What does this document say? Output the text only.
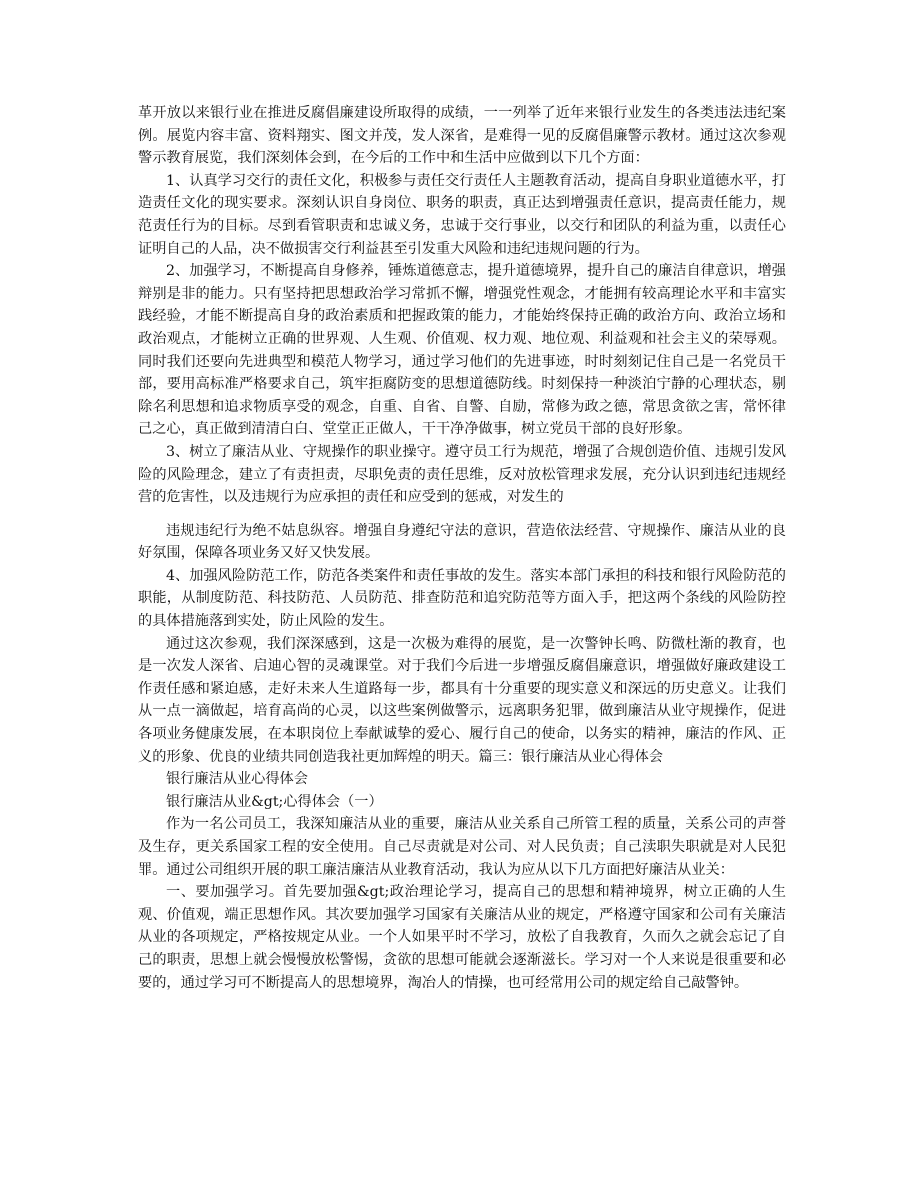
革开放以来银行业在推进反腐倡廉建设所取得的成绩，一一列举了近年来银行业发生的各类违法违纪案例。展览内容丰富、资料翔实、图文并茂，发人深省，是难得一见的反腐倡廉警示教材。通过这次参观警示教育展览，我们深刻体会到，在今后的工作中和生活中应做到以下几个方面：

1、认真学习交行的责任文化，积极参与责任交行责任人主题教育活动，提高自身职业道德水平，打造责任文化的现实要求。深刻认识自身岗位、职务的职责，真正达到增强责任意识，提高责任能力，规范责任行为的目标。尽到看管职责和忠诚义务，忠诚于交行事业，以交行和团队的利益为重，以责任心证明自己的人品，决不做损害交行利益甚至引发重大风险和违纪违规问题的行为。

2、加强学习，不断提高自身修养，锤炼道德意志，提升道德境界，提升自己的廉洁自律意识，增强辩别是非的能力。只有坚持把思想政治学习常抓不懈，增强党性观念，才能拥有较高理论水平和丰富实践经验，才能不断提高自身的政治素质和把握政策的能力，才能始终保持正确的政治方向、政治立场和政治观点，才能树立正确的世界观、人生观、价值观、权力观、地位观、利益观和社会主义的荣辱观。同时我们还要向先进典型和模范人物学习，通过学习他们的先进事迹，时时刻刻记住自己是一名党员干部，要用高标准严格要求自己，筑牢拒腐防变的思想道德防线。时刻保持一种淡泊宁静的心理状态，剔除名利思想和追求物质享受的观念，自重、自省、自警、自励，常修为政之德，常思贪欲之害，常怀律己之心，真正做到清清白白、堂堂正正做人，干干净净做事，树立党员干部的良好形象。

3、树立了廉洁从业、守规操作的职业操守。遵守员工行为规范，增强了合规创造价值、违规引发风险的风险理念，建立了有责担责，尽职免责的责任思维，反对放松管理求发展，充分认识到违纪违规经营的危害性，以及违规行为应承担的责任和应受到的惩戒，对发生的

违规违纪行为绝不姑息纵容。增强自身遵纪守法的意识，营造依法经营、守规操作、廉洁从业的良好氛围，保障各项业务又好又快发展。

4、加强风险防范工作，防范各类案件和责任事故的发生。落实本部门承担的科技和银行风险防范的职能，从制度防范、科技防范、人员防范、排查防范和追究防范等方面入手，把这两个条线的风险防控的具体措施落到实处，防止风险的发生。

通过这次参观，我们深深感到，这是一次极为难得的展览，是一次警钟长鸣、防微杜渐的教育，也是一次发人深省、启迪心智的灵魂课堂。对于我们今后进一步增强反腐倡廉意识，增强做好廉政建设工作责任感和紧迫感，走好未来人生道路每一步，都具有十分重要的现实意义和深远的历史意义。让我们从一点一滴做起，培育高尚的心灵，以这些案例做警示，远离职务犯罪，做到廉洁从业守规操作，促进各项业务健康发展，在本职岗位上奉献诚挚的爱心、履行自己的使命，以务实的精神，廉洁的作风、正义的形象、优良的业绩共同创造我社更加辉煌的明天。篇三：银行廉洁从业心得体会

银行廉洁从业心得体会

银行廉洁从业&gt;心得体会（一）

作为一名公司员工，我深知廉洁从业的重要，廉洁从业关系自己所管工程的质量，关系公司的声誉及生存，更关系国家工程的安全使用。自己尽责就是对公司、对人民负责；自己渎职失职就是对人民犯罪。通过公司组织开展的职工廉洁廉洁从业教育活动，我认为应从以下几方面把好廉洁从业关：

一、要加强学习。首先要加强&gt;政治理论学习，提高自己的思想和精神境界，树立正确的人生观、价值观，端正思想作风。其次要加强学习国家有关廉洁从业的规定，严格遵守国家和公司有关廉洁从业的各项规定，严格按规定从业。一个人如果平时不学习，放松了自我教育，久而久之就会忘记了自己的职责，思想上就会慢慢放松警惕，贪欲的思想可能就会逐渐滋长。学习对一个人来说是很重要和必要的，通过学习可不断提高人的思想境界，淘冶人的情操，也可经常用公司的规定给自己敲警钟。
